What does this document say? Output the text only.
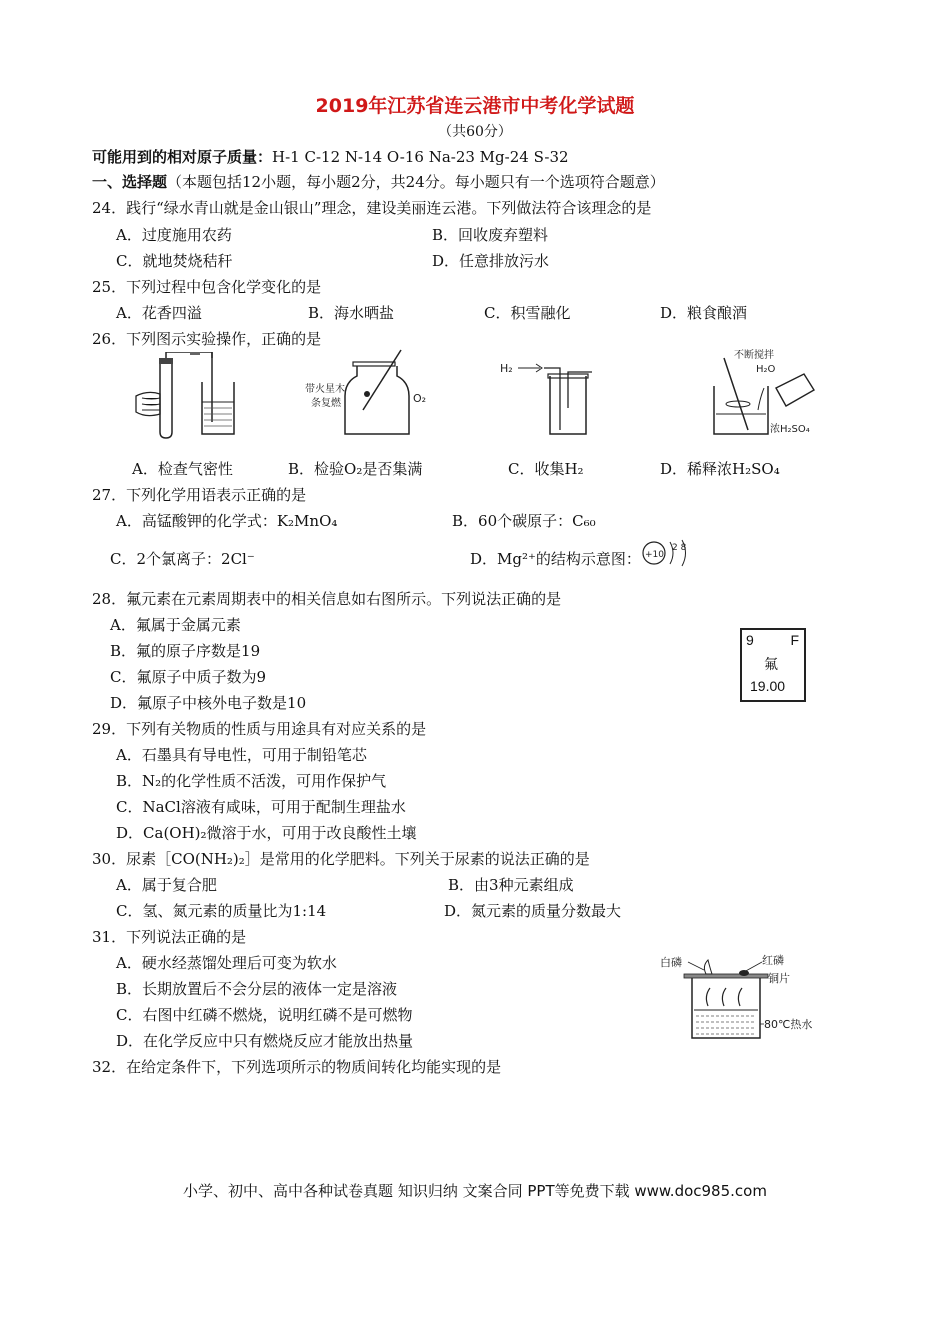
2019年江苏省连云港市中考化学试题
（共60分）
可能用到的相对原子质量：H-1 C-12 N-14 O-16 Na-23 Mg-24 S-32
一、选择题（本题包括12小题，每小题2分，共24分。每小题只有一个选项符合题意）
24．践行“绿水青山就是金山银山”理念，建设美丽连云港。下列做法符合该理念的是
A．过度施用农药	B．回收废弃塑料
C．就地焚烧秸秆	D．任意排放污水
25．下列过程中包含化学变化的是
A．花香四溢	B．海水晒盐	C．积雪融化	D．粮食酿酒
26．下列图示实验操作，正确的是
带火星木
条复燃	O₂
H₂
不断搅拌
H₂O
浓H₂SO₄
A．检查气密性	B．检验O₂是否集满	C．收集H₂	D．稀释浓H₂SO₄
27．下列化学用语表示正确的是
A．高锰酸钾的化学式：K₂MnO₄	B．60个碳原子：C₆₀
C．2个氯离子：2Cl⁻	D．Mg²⁺的结构示意图： +10
2 8
28．氟元素在元素周期表中的相关信息如右图所示。下列说法正确的是
A．氟属于金属元素
B．氟的原子序数是19
C．氟原子中质子数为9
D．氟原子中核外电子数是10
9	F
氟
19.00
29．下列有关物质的性质与用途具有对应关系的是
A．石墨具有导电性，可用于制铅笔芯
B．N₂的化学性质不活泼，可用作保护气
C．NaCl溶液有咸味，可用于配制生理盐水
D．Ca(OH)₂微溶于水，可用于改良酸性土壤
30．尿素［CO(NH₂)₂］是常用的化学肥料。下列关于尿素的说法正确的是
A．属于复合肥	B．由3种元素组成
C．氢、氮元素的质量比为1:14	D．氮元素的质量分数最大
31．下列说法正确的是
A．硬水经蒸馏处理后可变为软水
B．长期放置后不会分层的液体一定是溶液
C．右图中红磷不燃烧，说明红磷不是可燃物
D．在化学反应中只有燃烧反应才能放出热量
白磷	红磷
铜片
80℃热水
32．在给定条件下，下列选项所示的物质间转化均能实现的是
小学、初中、高中各种试卷真题 知识归纳 文案合同 PPT等免费下载 www.doc985.com
